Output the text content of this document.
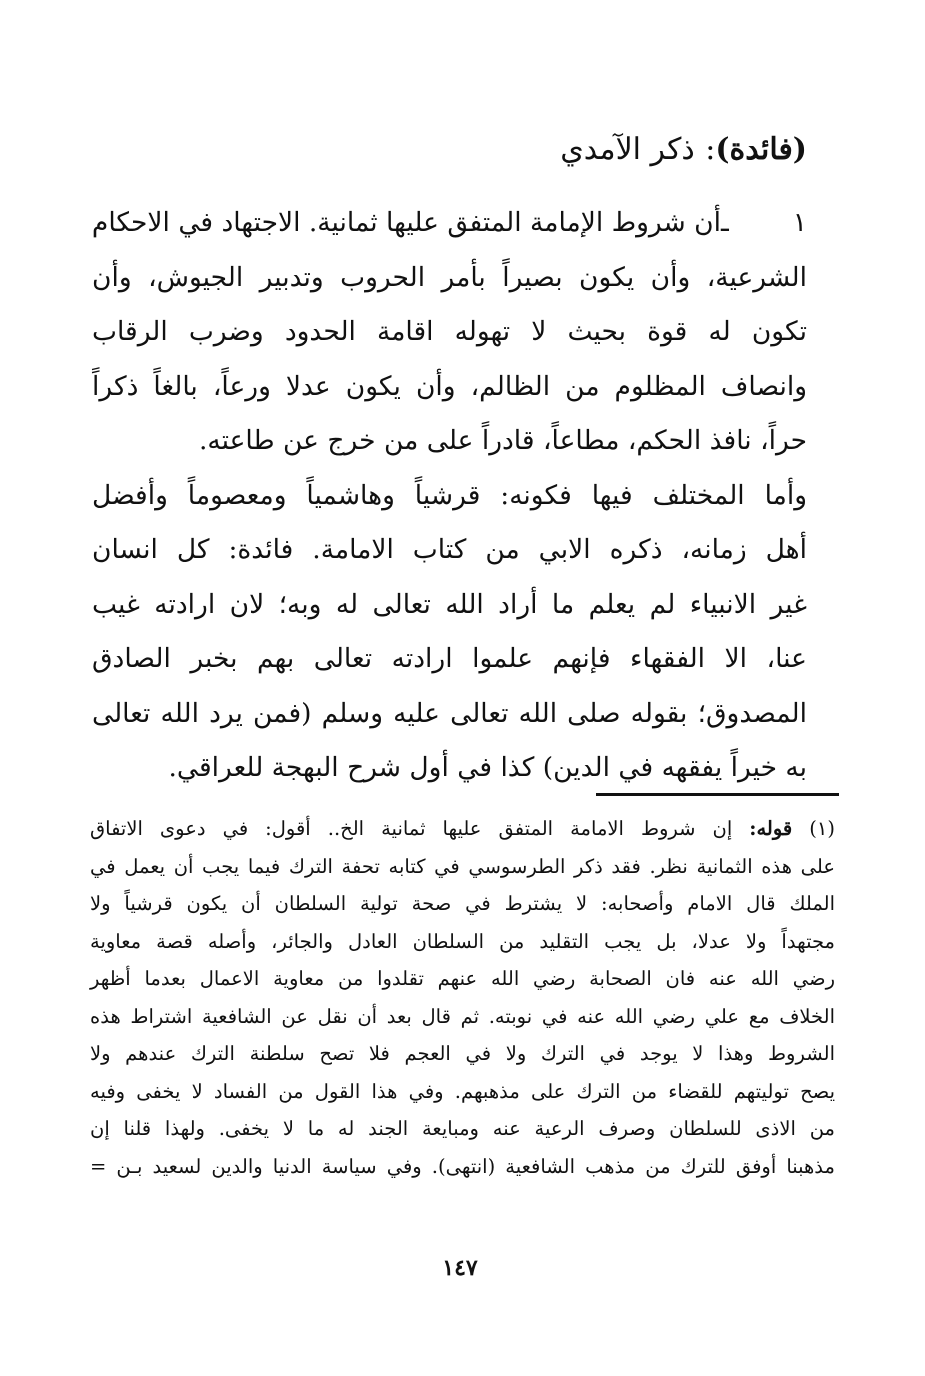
(فائدة): ذكر الآمدي

١ ـأن شروط الإمامة المتفق عليها ثمانية. الاجتهاد في الاحكام

الشرعية، وأن يكون بصيراً بأمر الحروب وتدبير الجيوش، وأن

تكون له قوة بحيث لا تهوله اقامة الحدود وضرب الرقاب

وانصاف المظلوم من الظالم، وأن يكون عدلا ورعاً، بالغاً ذكراً

حراً، نافذ الحكم، مطاعاً، قادراً على من خرج عن طاعته.

وأما المختلف فيها فكونه: قرشياً وهاشمياً ومعصوماً وأفضل

أهل زمانه، ذكره الابي من كتاب الامامة. فائدة: كل انسان

غير الانبياء لم يعلم ما أراد الله تعالى له وبه؛ لان ارادته غيب

عنا، الا الفقهاء فإنهم علموا ارادته تعالى بهم بخبر الصادق

المصدوق؛ بقوله صلى الله تعالى عليه وسلم (فمن يرد الله تعالى

به خيراً يفقهه في الدين) كذا في أول شرح البهجة للعراقي.

(١) قوله: إن شروط الامامة المتفق عليها ثمانية الخ.. أقول: في دعوى الاتفاق

على هذه الثمانية نظر. فقد ذكر الطرسوسي في كتابه تحفة الترك فيما يجب أن يعمل في

الملك قال الامام وأصحابه: لا يشترط في صحة تولية السلطان أن يكون قرشياً ولا

مجتهداً ولا عدلا، بل يجب التقليد من السلطان العادل والجائر، وأصله قصة معاوية

رضي الله عنه فان الصحابة رضي الله عنهم تقلدوا من معاوية الاعمال بعدما أظهر

الخلاف مع علي رضي الله عنه في نوبته. ثم قال بعد أن نقل عن الشافعية اشتراط هذه

الشروط وهذا لا يوجد في الترك ولا في العجم فلا تصح سلطنة الترك عندهم ولا

يصح توليتهم للقضاء من الترك على مذهبهم. وفي هذا القول من الفساد لا يخفى وفيه

من الاذى للسلطان وصرف الرعية عنه ومبايعة الجند له ما لا يخفى. ولهذا قلنا إن

مذهبنا أوفق للترك من مذهب الشافعية (انتهى). وفي سياسة الدنيا والدين لسعيد بـن =

١٤٧
